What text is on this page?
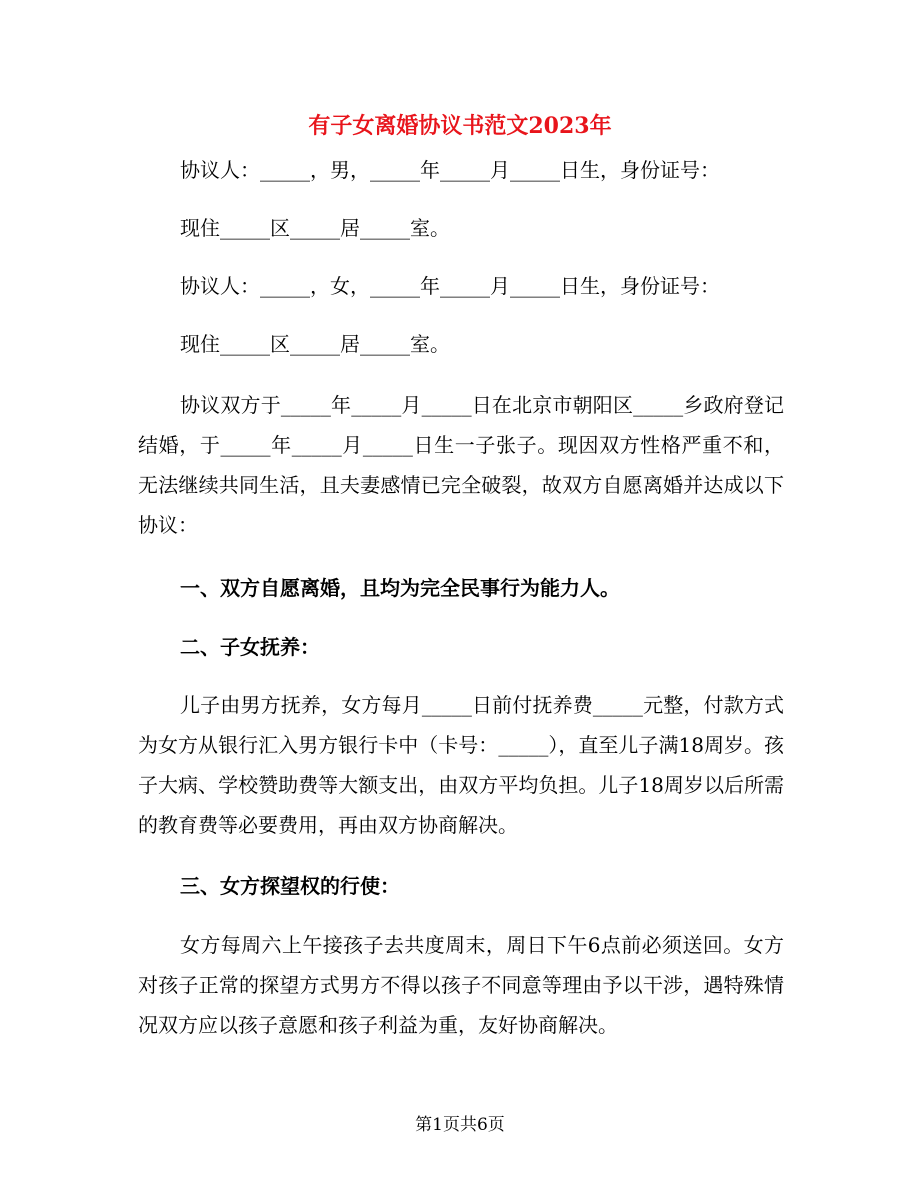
有子女离婚协议书范文2023年

协议人：_____，男，_____年_____月_____日生，身份证号：

现住_____区_____居_____室。

协议人：_____，女，_____年_____月_____日生，身份证号：

现住_____区_____居_____室。

协议双方于_____年_____月_____日在北京市朝阳区_____乡政府登记结婚，于_____年_____月_____日生一子张子。现因双方性格严重不和，无法继续共同生活，且夫妻感情已完全破裂，故双方自愿离婚并达成以下协议：

一、双方自愿离婚，且均为完全民事行为能力人。

二、子女抚养：

儿子由男方抚养，女方每月_____日前付抚养费_____元整，付款方式为女方从银行汇入男方银行卡中（卡号：_____），直至儿子满18周岁。孩子大病、学校赞助费等大额支出，由双方平均负担。儿子18周岁以后所需的教育费等必要费用，再由双方协商解决。

三、女方探望权的行使：

女方每周六上午接孩子去共度周末，周日下午6点前必须送回。女方对孩子正常的探望方式男方不得以孩子不同意等理由予以干涉，遇特殊情况双方应以孩子意愿和孩子利益为重，友好协商解决。

第1页共6页
